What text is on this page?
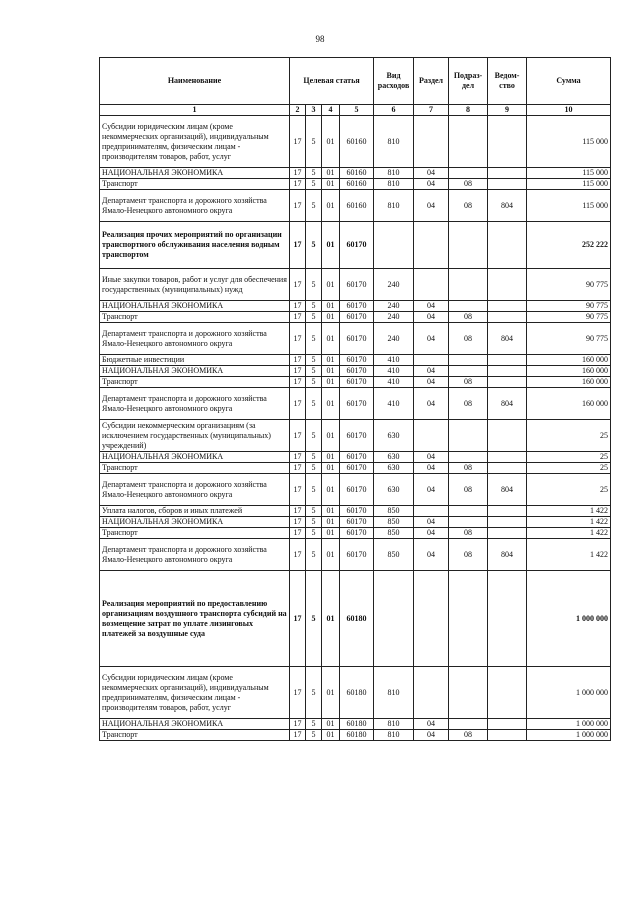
98
Наименование	Целевая статья				Вид расходов	Раздел	Подраз-дел	Ведом-ство	Сумма
1	2	3	4	5	6	7	8	9	10
Субсидии юридическим лицам (кроме некоммерческих организаций), индивидуальным предпринимателям, физическим лицам - производителям товаров, работ, услуг	17	5	01	60160	810				115 000
НАЦИОНАЛЬНАЯ ЭКОНОМИКА	17	5	01	60160	810	04			115 000
Транспорт	17	5	01	60160	810	04	08		115 000
Департамент транспорта и дорожного хозяйства Ямало-Ненецкого автономного округа	17	5	01	60160	810	04	08	804	115 000
Реализация прочих мероприятий по организации транспортного обслуживания населения водным транспортом	17	5	01	60170					252 222
Иные закупки товаров, работ и услуг для обеспечения государственных (муниципальных) нужд	17	5	01	60170	240				90 775
НАЦИОНАЛЬНАЯ ЭКОНОМИКА	17	5	01	60170	240	04			90 775
Транспорт	17	5	01	60170	240	04	08		90 775
Департамент транспорта и дорожного хозяйства Ямало-Ненецкого автономного округа	17	5	01	60170	240	04	08	804	90 775
Бюджетные инвестиции	17	5	01	60170	410				160 000
НАЦИОНАЛЬНАЯ ЭКОНОМИКА	17	5	01	60170	410	04			160 000
Транспорт	17	5	01	60170	410	04	08		160 000
Департамент транспорта и дорожного хозяйства Ямало-Ненецкого автономного округа	17	5	01	60170	410	04	08	804	160 000
Субсидии некоммерческим организациям (за исключением государственных (муниципальных) учреждений)	17	5	01	60170	630				25
НАЦИОНАЛЬНАЯ ЭКОНОМИКА	17	5	01	60170	630	04			25
Транспорт	17	5	01	60170	630	04	08		25
Департамент транспорта и дорожного хозяйства Ямало-Ненецкого автономного округа	17	5	01	60170	630	04	08	804	25
Уплата налогов, сборов и иных платежей	17	5	01	60170	850				1 422
НАЦИОНАЛЬНАЯ ЭКОНОМИКА	17	5	01	60170	850	04			1 422
Транспорт	17	5	01	60170	850	04	08		1 422
Департамент транспорта и дорожного хозяйства Ямало-Ненецкого автономного округа	17	5	01	60170	850	04	08	804	1 422
Реализация мероприятий по предоставлению организациям воздушного транспорта субсидий на возмещение затрат по уплате лизинговых платежей за воздушные суда	17	5	01	60180					1 000 000
Субсидии юридическим лицам (кроме некоммерческих организаций), индивидуальным предпринимателям, физическим лицам - производителям товаров, работ, услуг	17	5	01	60180	810				1 000 000
НАЦИОНАЛЬНАЯ ЭКОНОМИКА	17	5	01	60180	810	04			1 000 000
Транспорт	17	5	01	60180	810	04	08		1 000 000
